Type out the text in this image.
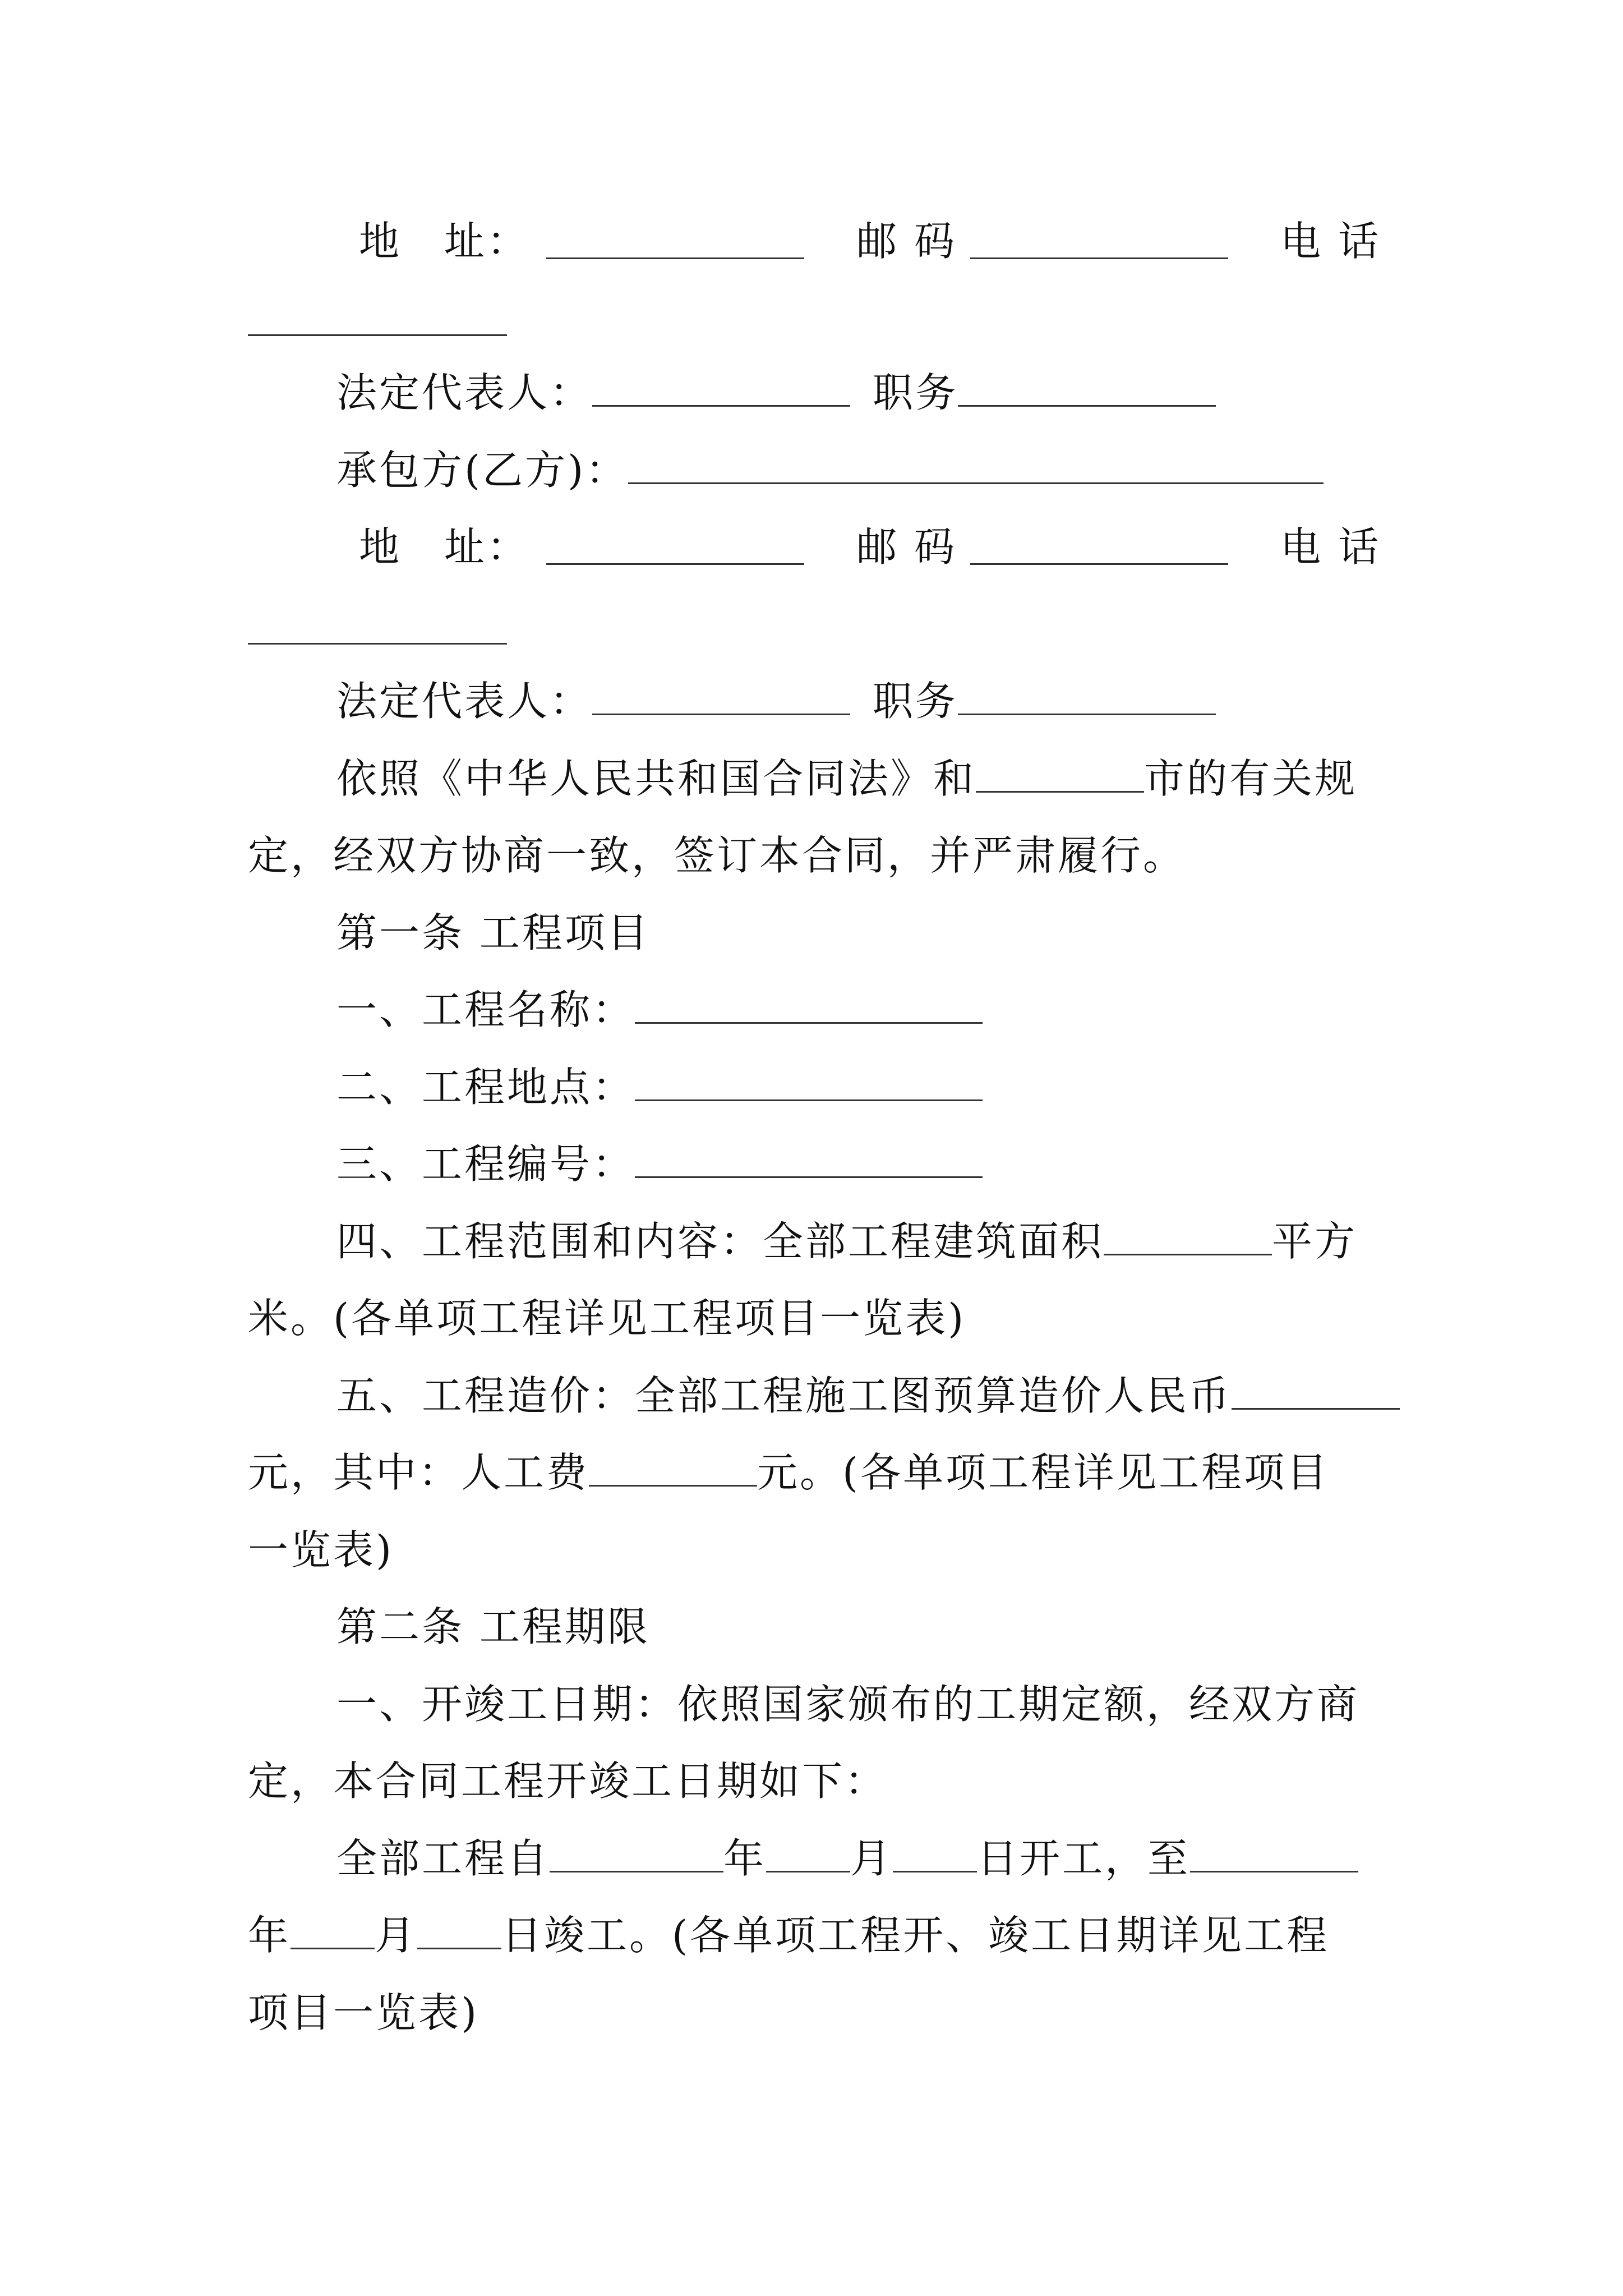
地　址：	邮 码	电 话
法定代表人：	职务
承包方(乙方)：
地　址：	邮 码	电 话
法定代表人：	职务
依照《中华人民共和国合同法》和	市的有关规
定，经双方协商一致，签订本合同，并严肃履行。
第一条 工程项目
一、工程名称：
二、工程地点：
三、工程编号：
四、工程范围和内容：全部工程建筑面积	平方
米。(各单项工程详见工程项目一览表)
五、工程造价：全部工程施工图预算造价人民币
元，其中：人工费	元。(各单项工程详见工程项目
一览表)
第二条 工程期限
一、开竣工日期：依照国家颁布的工期定额，经双方商
定，本合同工程开竣工日期如下：
全部工程自	年 月 日开工，至
年 月 日竣工。(各单项工程开、竣工日期详见工程
项目一览表)
